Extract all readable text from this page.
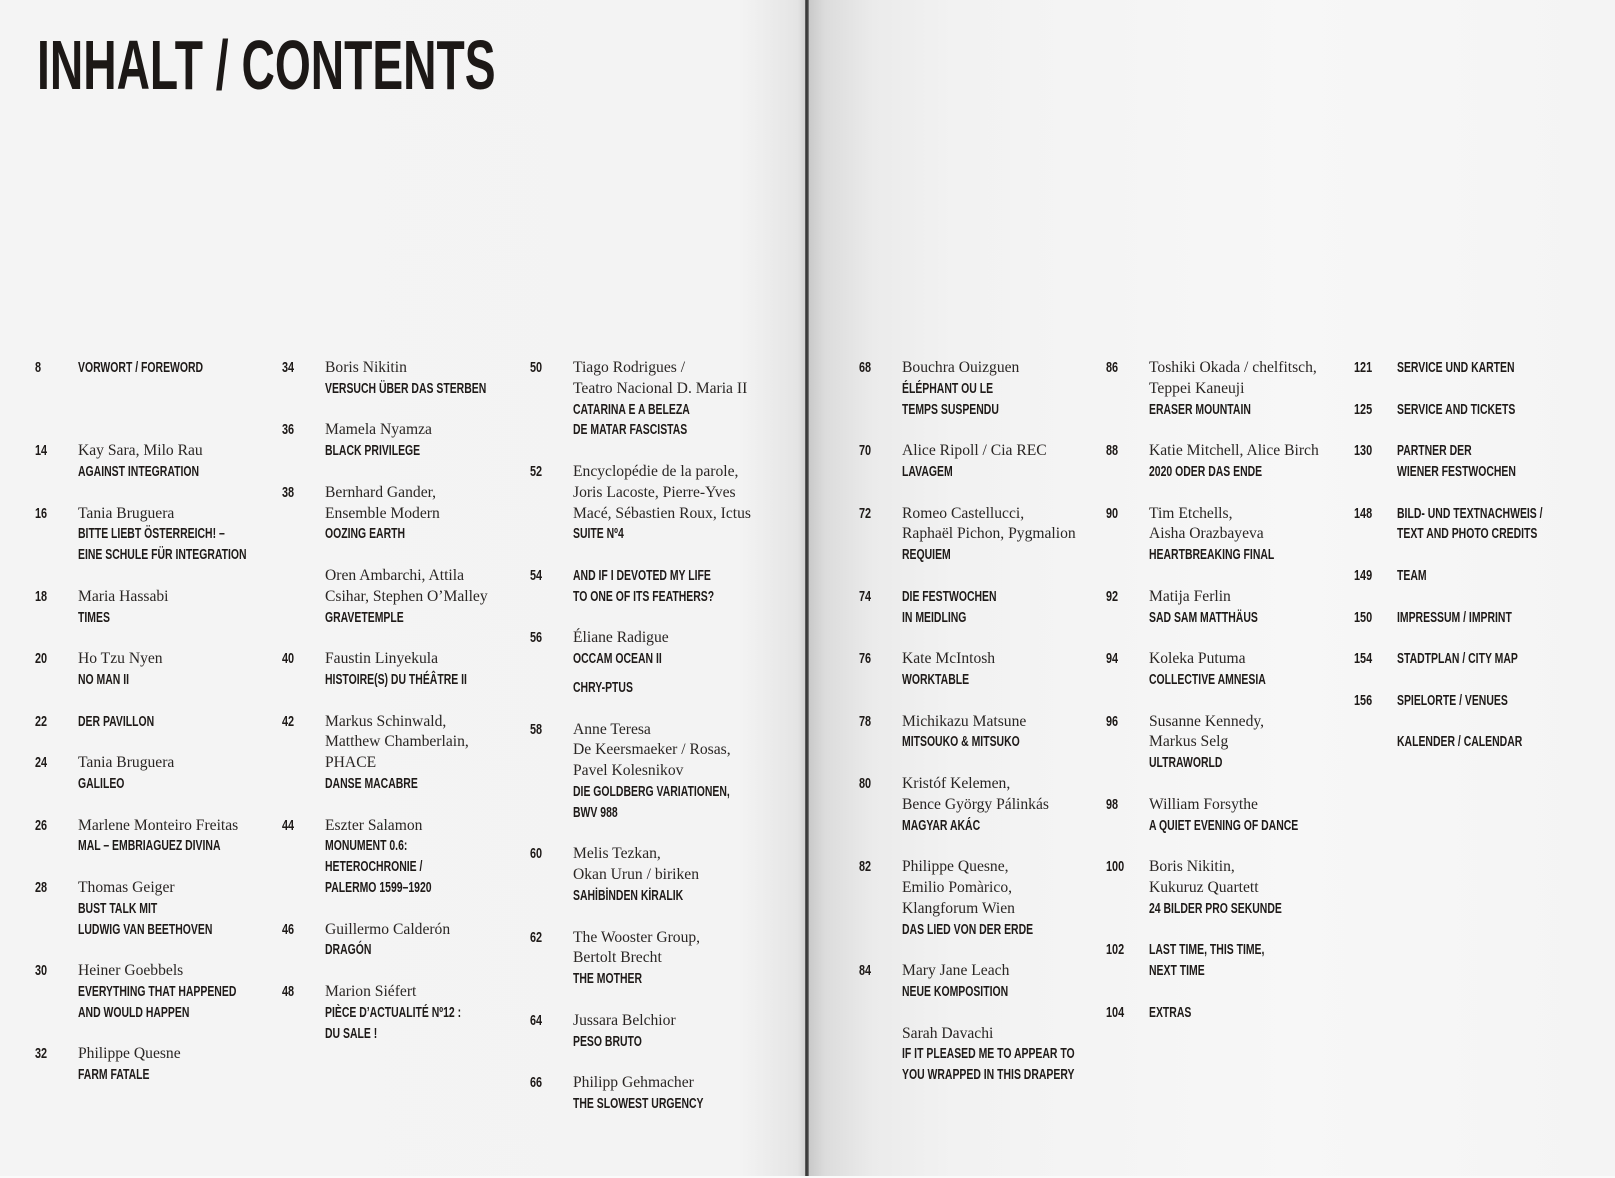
INHALT / CONTENTS
8	VORWORT / FOREWORD
14 Kay Sara, Milo Rau
AGAINST INTEGRATION
16 Tania Bruguera
BITTE LIEBT ÖSTERREICH! –
EINE SCHULE FÜR INTEGRATION
18 Maria Hassabi
TIMES
20 Ho Tzu Nyen
NO MAN II
22 DER PAVILLON
24 Tania Bruguera
GALILEO
26 Marlene Monteiro Freitas
MAL – EMBRIAGUEZ DIVINA
28 Thomas Geiger
BUST TALK MIT
LUDWIG VAN BEETHOVEN
30 Heiner Goebbels
EVERYTHING THAT HAPPENED
AND WOULD HAPPEN
32 Philippe Quesne
FARM FATALE
34 Boris Nikitin
VERSUCH ÜBER DAS STERBEN
36 Mamela Nyamza
BLACK PRIVILEGE
38 Bernhard Gander,
Ensemble Modern
OOZING EARTH
Oren Ambarchi, Attila
Csihar, Stephen O’Malley
GRAVETEMPLE
40 Faustin Linyekula
HISTOIRE(S) DU THÉÂTRE II
42 Markus Schinwald,
Matthew Chamberlain,
PHACE
DANSE MACABRE
44 Eszter Salamon
MONUMENT 0.6:
HETEROCHRONIE /
PALERMO 1599–1920
46 Guillermo Calderón
DRAGÓN
48 Marion Siéfert
PIÈCE D’ACTUALITÉ Nº12 :
DU SALE !
50 Tiago Rodrigues /
Teatro Nacional D. Maria II
CATARINA E A BELEZA
DE MATAR FASCISTAS
52 Encyclopédie de la parole,
Joris Lacoste, Pierre-Yves
Macé, Sébastien Roux, Ictus
SUITE Nº4
54 AND IF I DEVOTED MY LIFE
TO ONE OF ITS FEATHERS?
56 Éliane Radigue
OCCAM OCEAN II
CHRY-PTUS
58 Anne Teresa
De Keersmaeker / Rosas,
Pavel Kolesnikov
DIE GOLDBERG VARIATIONEN,
BWV 988
60 Melis Tezkan,
Okan Urun / biriken
SAHİBİNDEN KİRALIK
62 The Wooster Group,
Bertolt Brecht
THE MOTHER
64 Jussara Belchior
PESO BRUTO
66 Philipp Gehmacher
THE SLOWEST URGENCY
68 Bouchra Ouizguen
ÉLÉPHANT OU LE
TEMPS SUSPENDU
70 Alice Ripoll / Cia REC
LAVAGEM
72 Romeo Castellucci,
Raphaël Pichon, Pygmalion
REQUIEM
74 DIE FESTWOCHEN
IN MEIDLING
76 Kate McIntosh
WORKTABLE
78 Michikazu Matsune
MITSOUKO & MITSUKO
80 Kristóf Kelemen,
Bence György Pálinkás
MAGYAR AKÁC
82 Philippe Quesne,
Emilio Pomàrico,
Klangforum Wien
DAS LIED VON DER ERDE
84 Mary Jane Leach
NEUE KOMPOSITION
Sarah Davachi
IF IT PLEASED ME TO APPEAR TO
YOU WRAPPED IN THIS DRAPERY
86 Toshiki Okada / chelfitsch,
Teppei Kaneuji
ERASER MOUNTAIN
88 Katie Mitchell, Alice Birch
2020 ODER DAS ENDE
90 Tim Etchells,
Aisha Orazbayeva
HEARTBREAKING FINAL
92 Matija Ferlin
SAD SAM MATTHÄUS
94 Koleka Putuma
COLLECTIVE AMNESIA
96 Susanne Kennedy,
Markus Selg
ULTRAWORLD
98 William Forsythe
A QUIET EVENING OF DANCE
100 Boris Nikitin,
Kukuruz Quartett
24 BILDER PRO SEKUNDE
102 LAST TIME, THIS TIME,
NEXT TIME
104 EXTRAS
121 SERVICE UND KARTEN
125 SERVICE AND TICKETS
130 PARTNER DER
WIENER FESTWOCHEN
148 BILD- UND TEXTNACHWEIS /
TEXT AND PHOTO CREDITS
149 TEAM
150 IMPRESSUM / IMPRINT
154 STADTPLAN / CITY MAP
156 SPIELORTE / VENUES
KALENDER / CALENDAR
